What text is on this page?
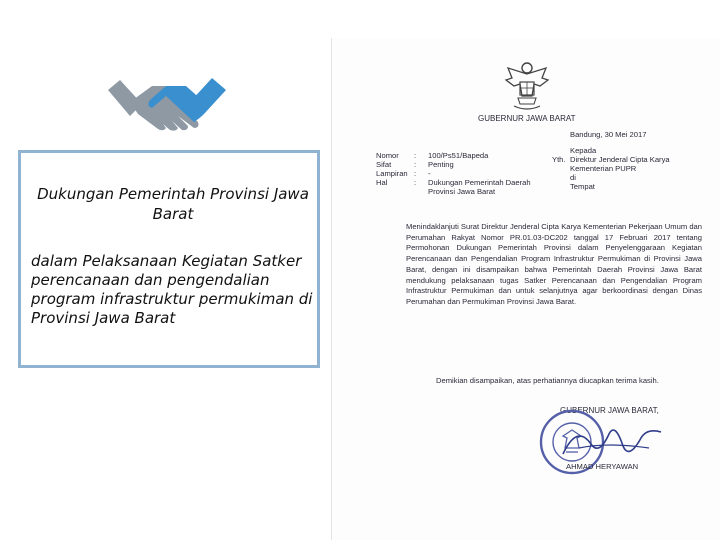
Dukungan Pemerintah Provinsi Jawa Barat
dalam Pelaksanaan Kegiatan Satker perencanaan dan pengendalian program infrastruktur permukiman di Provinsi Jawa Barat
GUBERNUR JAWA BARAT
Bandung, 30 Mei 2017
Nomor : 100/Ps51/Bapeda
Sifat	: Penting
Lampiran : -
Hal	: Dukungan Pemerintah Daerah
Provinsi Jawa Barat
Kepada
Yth. Direktur Jenderal Cipta Karya
Kementerian PUPR
di
Tempat
Menindaklanjuti Surat Direktur Jenderal Cipta Karya Kementerian Pekerjaan Umum dan Perumahan Rakyat Nomor PR.01.03-DC202 tanggal 17 Februari 2017 tentang Permohonan Dukungan Pemerintah Provinsi dalam Penyelenggaraan Kegiatan Perencanaan dan Pengendalian Program Infrastruktur Permukiman di Provinsi Jawa Barat, dengan ini disampaikan bahwa Pemerintah Daerah Provinsi Jawa Barat mendukung pelaksanaan tugas Satker Perencanaan dan Pengendalian Program Infrastruktur Permukiman dan untuk selanjutnya agar berkoordinasi dengan Dinas Perumahan dan Permukiman Provinsi Jawa Barat.
Demikian disampaikan, atas perhatiannya diucapkan terima kasih.
GUBERNUR JAWA BARAT,
AHMAD HERYAWAN
